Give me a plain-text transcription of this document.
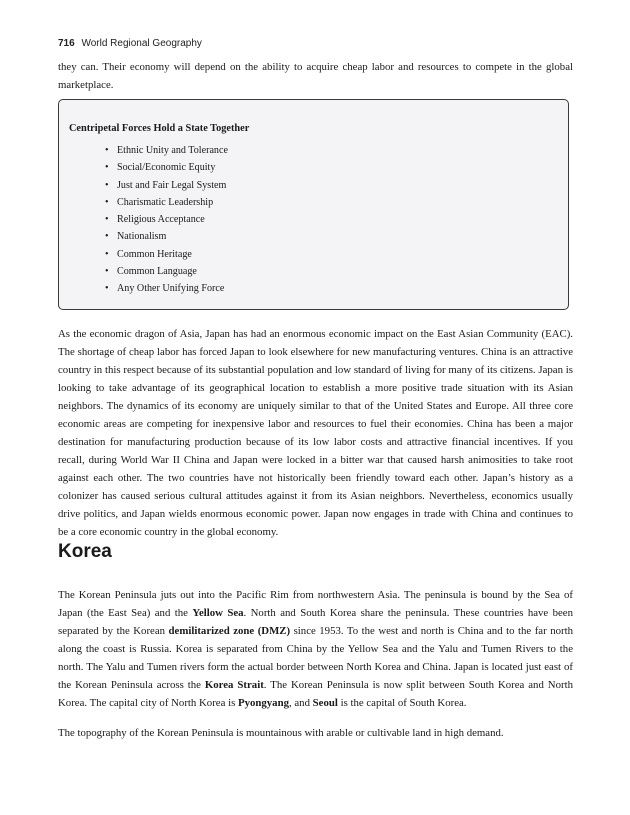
716 World Regional Geography

they can. Their economy will depend on the ability to acquire cheap labor and resources to compete in the global marketplace.

Centripetal Forces Hold a State Together
• Ethnic Unity and Tolerance
• Social/Economic Equity
• Just and Fair Legal System
• Charismatic Leadership
• Religious Acceptance
• Nationalism
• Common Heritage
• Common Language
• Any Other Unifying Force

As the economic dragon of Asia, Japan has had an enormous economic impact on the East Asian Community (EAC). The shortage of cheap labor has forced Japan to look elsewhere for new manufacturing ventures. China is an attractive country in this respect because of its substantial population and low standard of living for many of its citizens. Japan is looking to take advantage of its geographical location to establish a more positive trade situation with its Asian neighbors. The dynamics of its economy are uniquely similar to that of the United States and Europe. All three core economic areas are competing for inexpensive labor and resources to fuel their economies. China has been a major destination for manufacturing production because of its low labor costs and attractive financial incentives. If you recall, during World War II China and Japan were locked in a bitter war that caused harsh animosities to take root against each other. The two countries have not historically been friendly toward each other. Japan’s history as a colonizer has caused serious cultural attitudes against it from its Asian neighbors. Nevertheless, economics usually drive politics, and Japan wields enormous economic power. Japan now engages in trade with China and continues to be a core economic country in the global economy.

Korea

The Korean Peninsula juts out into the Pacific Rim from northwestern Asia. The peninsula is bound by the Sea of Japan (the East Sea) and the Yellow Sea. North and South Korea share the peninsula. These countries have been separated by the Korean demilitarized zone (DMZ) since 1953. To the west and north is China and to the far north along the coast is Russia. Korea is separated from China by the Yellow Sea and the Yalu and Tumen Rivers to the north. The Yalu and Tumen rivers form the actual border between North Korea and China. Japan is located just east of the Korean Peninsula across the Korea Strait. The Korean Peninsula is now split between South Korea and North Korea. The capital city of North Korea is Pyongyang, and Seoul is the capital of South Korea.

The topography of the Korean Peninsula is mountainous with arable or cultivable land in high demand.
